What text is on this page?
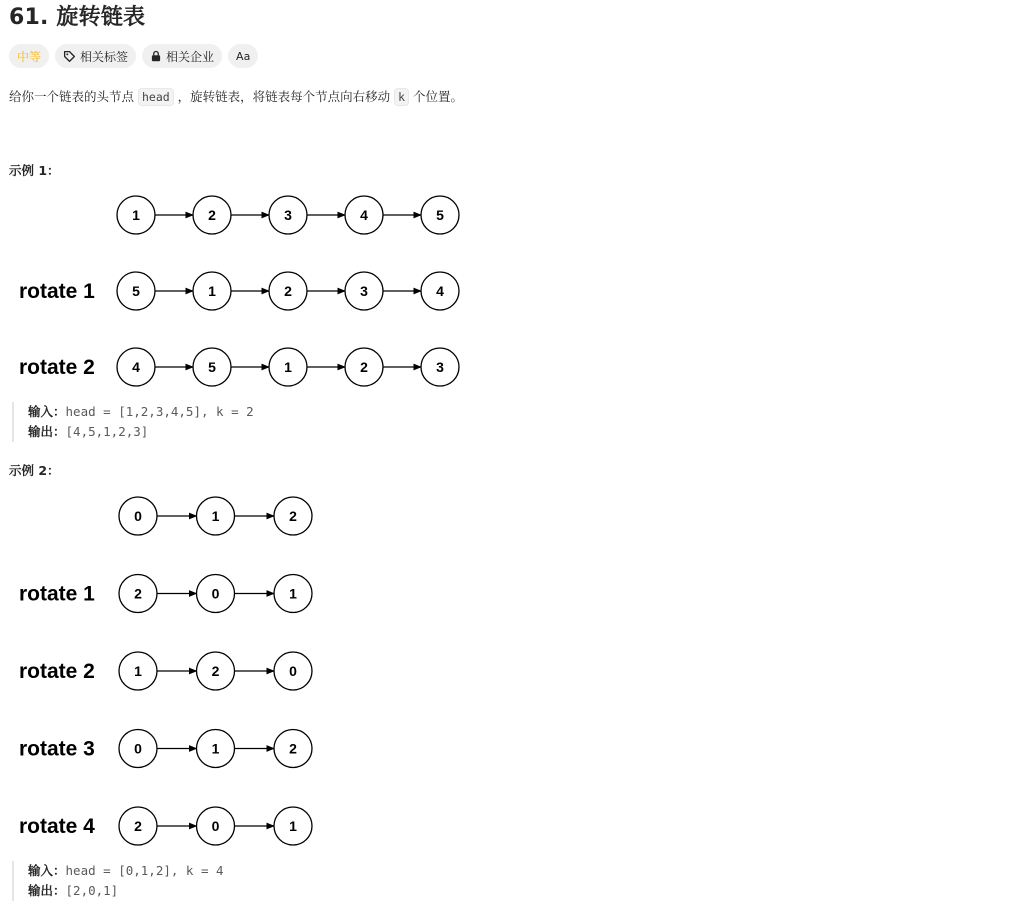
61. 旋转链表
中等	相关标签	相关企业 Aa
给你一个链表的头节点 head ，旋转链表，将链表每个节点向右移动 k 个位置。
示例 1：
1	2	3	4	5
rotate 1	5	1	2	3	4
rotate 2	4	5	1	2	3
输入：head = [1,2,3,4,5], k = 2
输出：[4,5,1,2,3]
示例 2：
0	1	2
rotate 1	2	0	1
rotate 2	1	2	0
rotate 3	0	1	2
rotate 4	2	0	1
输入：head = [0,1,2], k = 4
输出：[2,0,1]
